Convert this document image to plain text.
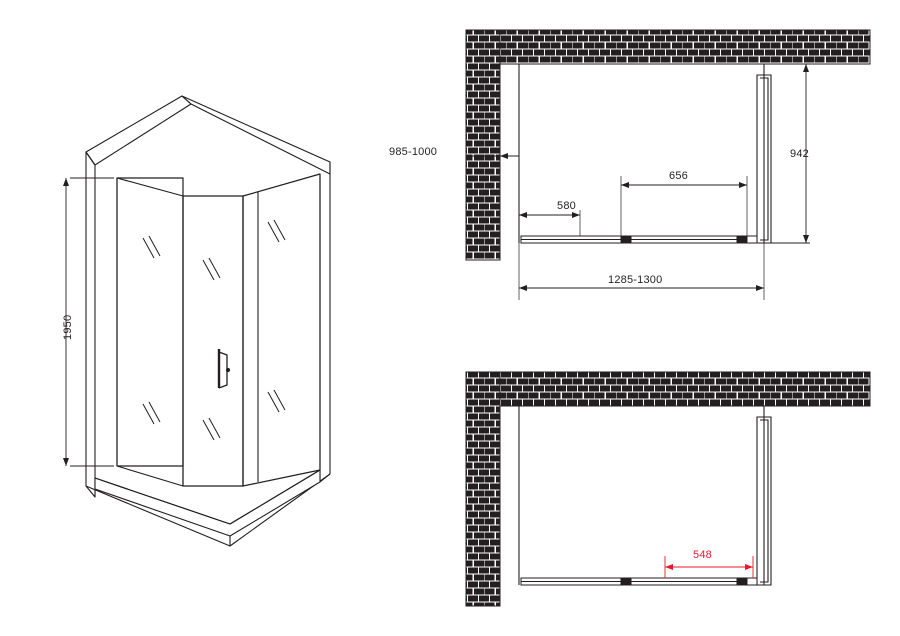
1950
985-1000	942
656
580
1285-1300
548
